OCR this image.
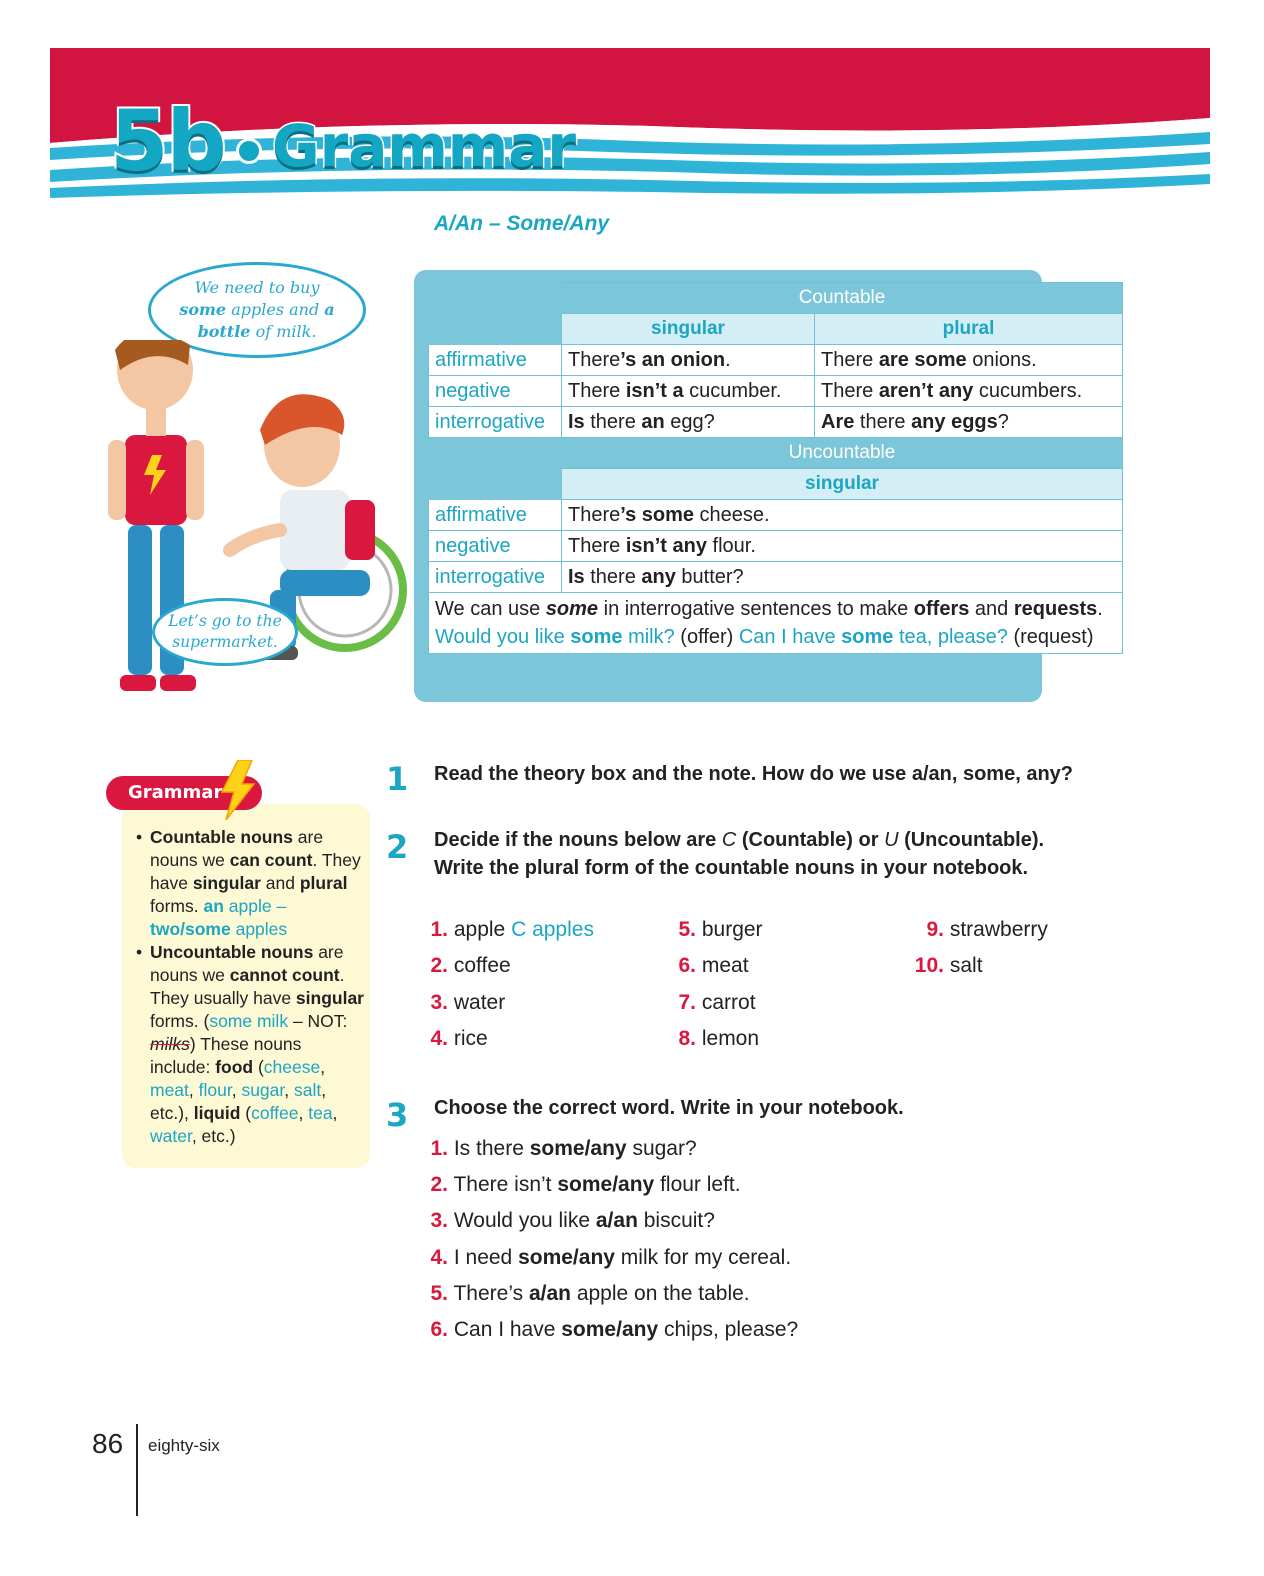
5b Grammar
A/An – Some/Any
We need to buy
some apples and a
bottle of milk.
Let’s go to the
supermarket.
	Countable	
	singular	plural
affirmative	There’s an onion.	There are some onions.
negative	There isn’t a cucumber.	There aren’t any cucumbers.
interrogative	Is there an egg?	Are there any eggs?
	Uncountable	
	singular	
affirmative	There’s some cheese.	
negative	There isn’t any flour.	
interrogative	Is there any butter?	
We can use some in interrogative sentences to make offers and requests. Would you like some milk? (offer) Can I have some tea, please? (request)		
Grammar
• Countable nouns are nouns we can count. They have singular and plural forms. an apple – two/some apples
• Uncountable nouns are nouns we cannot count. They usually have singular forms. (some milk – NOT: milks) These nouns include: food (cheese, meat, flour, sugar, salt, etc.), liquid (coffee, tea, water, etc.)
1 Read the theory box and the note. How do we use a/an, some, any?
2 Decide if the nouns below are C (Countable) or U (Uncountable).
Write the plural form of the countable nouns in your notebook.
1. apple C apples
2. coffee
3. water
4. rice
5. burger
6. meat
7. carrot
8. lemon
9. strawberry
10. salt
3 Choose the correct word. Write in your notebook.
1. Is there some/any sugar?
2. There isn’t some/any flour left.
3. Would you like a/an biscuit?
4. I need some/any milk for my cereal.
5. There’s a/an apple on the table.
6. Can I have some/any chips, please?
86 eighty-six
